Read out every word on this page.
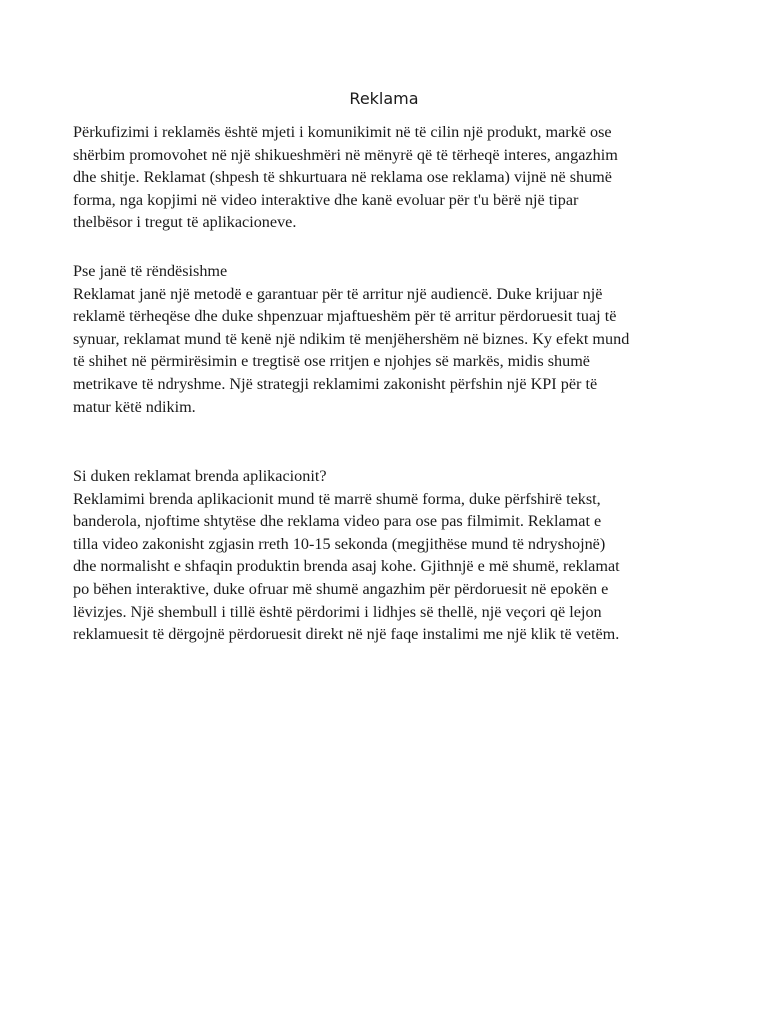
Reklama
Përkufizimi i reklamës është mjeti i komunikimit në të cilin një produkt, markë ose
shërbim promovohet në një shikueshmëri në mënyrë që të tërheqë interes, angazhim
dhe shitje. Reklamat (shpesh të shkurtuara në reklama ose reklama) vijnë në shumë
forma, nga kopjimi në video interaktive dhe kanë evoluar për t'u bërë një tipar
thelbësor i tregut të aplikacioneve.
Pse janë të rëndësishme
Reklamat janë një metodë e garantuar për të arritur një audiencë. Duke krijuar një
reklamë tërheqëse dhe duke shpenzuar mjaftueshëm për të arritur përdoruesit tuaj të
synuar, reklamat mund të kenë një ndikim të menjëhershëm në biznes. Ky efekt mund
të shihet në përmirësimin e tregtisë ose rritjen e njohjes së markës, midis shumë
metrikave të ndryshme. Një strategji reklamimi zakonisht përfshin një KPI për të
matur këtë ndikim.
Si duken reklamat brenda aplikacionit?
Reklamimi brenda aplikacionit mund të marrë shumë forma, duke përfshirë tekst,
banderola, njoftime shtytëse dhe reklama video para ose pas filmimit. Reklamat e
tilla video zakonisht zgjasin rreth 10-15 sekonda (megjithëse mund të ndryshojnë)
dhe normalisht e shfaqin produktin brenda asaj kohe. Gjithnjë e më shumë, reklamat
po bëhen interaktive, duke ofruar më shumë angazhim për përdoruesit në epokën e
lëvizjes. Një shembull i tillë është përdorimi i lidhjes së thellë, një veçori që lejon
reklamuesit të dërgojnë përdoruesit direkt në një faqe instalimi me një klik të vetëm.
